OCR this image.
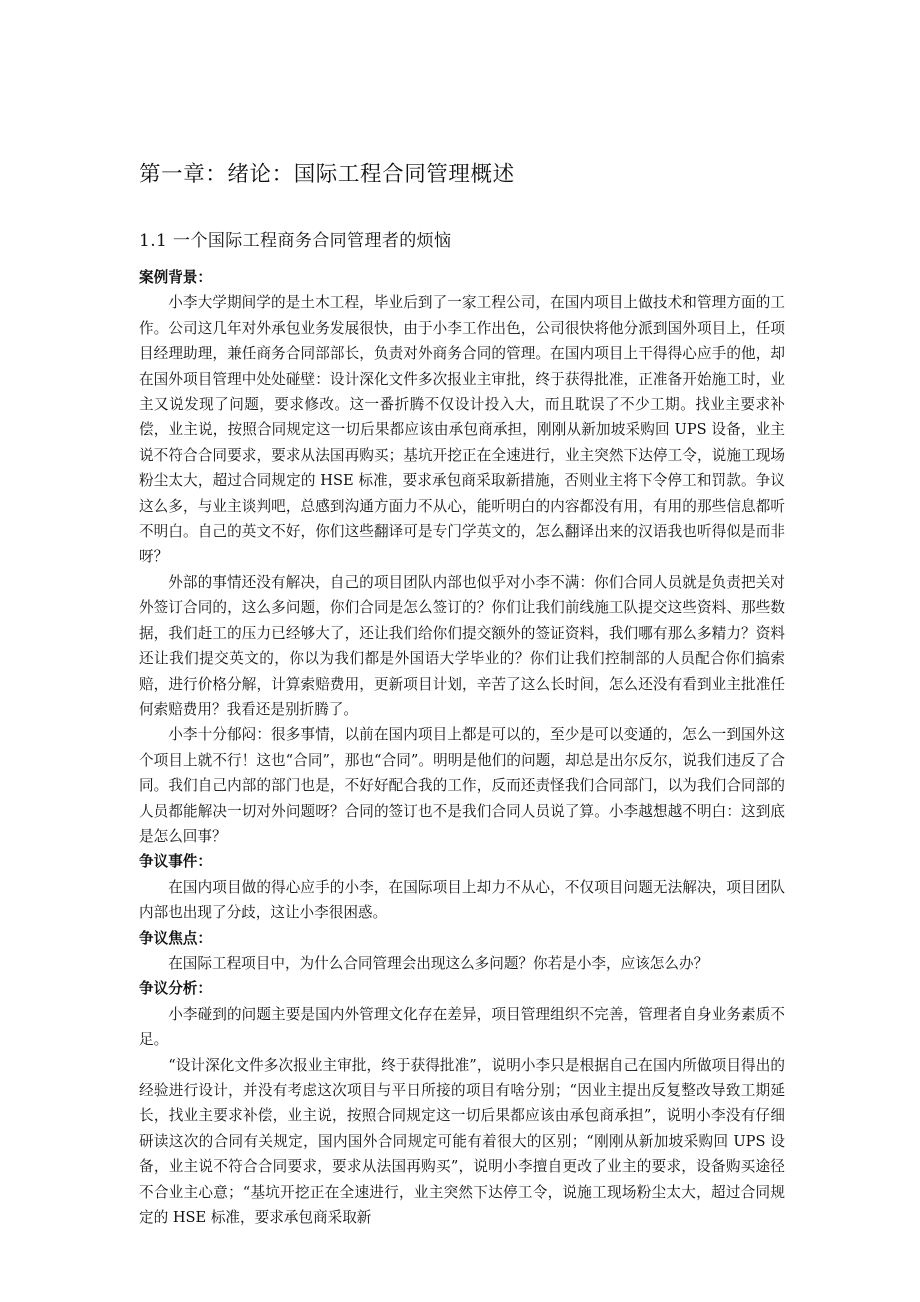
第一章：绪论：国际工程合同管理概述
1.1 一个国际工程商务合同管理者的烦恼
案例背景：

小李大学期间学的是土木工程，毕业后到了一家工程公司，在国内项目上做技术和管理方面的工作。公司这几年对外承包业务发展很快，由于小李工作出色，公司很快将他分派到国外项目上，任项目经理助理，兼任商务合同部部长，负责对外商务合同的管理。在国内项目上干得得心应手的他，却在国外项目管理中处处碰壁：设计深化文件多次报业主审批，终于获得批准，正准备开始施工时，业主又说发现了问题，要求修改。这一番折腾不仅设计投入大，而且耽误了不少工期。找业主要求补偿，业主说，按照合同规定这一切后果都应该由承包商承担，刚刚从新加坡采购回 UPS 设备，业主说不符合合同要求，要求从法国再购买；基坑开挖正在全速进行，业主突然下达停工令，说施工现场粉尘太大，超过合同规定的 HSE 标准，要求承包商采取新措施，否则业主将下令停工和罚款。争议这么多，与业主谈判吧，总感到沟通方面力不从心，能听明白的内容都没有用，有用的那些信息都听不明白。自己的英文不好，你们这些翻译可是专门学英文的，怎么翻译出来的汉语我也听得似是而非呀？

外部的事情还没有解决，自己的项目团队内部也似乎对小李不满：你们合同人员就是负责把关对外签订合同的，这么多问题，你们合同是怎么签订的？你们让我们前线施工队提交这些资料、那些数据，我们赶工的压力已经够大了，还让我们给你们提交额外的签证资料，我们哪有那么多精力？资料还让我们提交英文的，你以为我们都是外国语大学毕业的？你们让我们控制部的人员配合你们搞索赔，进行价格分解，计算索赔费用，更新项目计划，辛苦了这么长时间，怎么还没有看到业主批准任何索赔费用？我看还是别折腾了。

小李十分郁闷：很多事情，以前在国内项目上都是可以的，至少是可以变通的，怎么一到国外这个项目上就不行！这也“合同”，那也“合同”。明明是他们的问题，却总是出尔反尔，说我们违反了合同。我们自己内部的部门也是，不好好配合我的工作，反而还责怪我们合同部门，以为我们合同部的人员都能解决一切对外问题呀？合同的签订也不是我们合同人员说了算。小李越想越不明白：这到底是怎么回事？

争议事件：

在国内项目做的得心应手的小李，在国际项目上却力不从心，不仅项目问题无法解决，项目团队内部也出现了分歧，这让小李很困惑。

争议焦点：

在国际工程项目中，为什么合同管理会出现这么多问题？你若是小李，应该怎么办？

争议分析：

小李碰到的问题主要是国内外管理文化存在差异，项目管理组织不完善，管理者自身业务素质不足。

“设计深化文件多次报业主审批，终于获得批准”，说明小李只是根据自己在国内所做项目得出的经验进行设计，并没有考虑这次项目与平日所接的项目有啥分别；“因业主提出反复整改导致工期延长，找业主要求补偿，业主说，按照合同规定这一切后果都应该由承包商承担”，说明小李没有仔细研读这次的合同有关规定，国内国外合同规定可能有着很大的区别；“刚刚从新加坡采购回 UPS 设备，业主说不符合合同要求，要求从法国再购买”，说明小李擅自更改了业主的要求，设备购买途径不合业主心意；“基坑开挖正在全速进行，业主突然下达停工令，说施工现场粉尘太大，超过合同规定的 HSE 标准，要求承包商采取新
